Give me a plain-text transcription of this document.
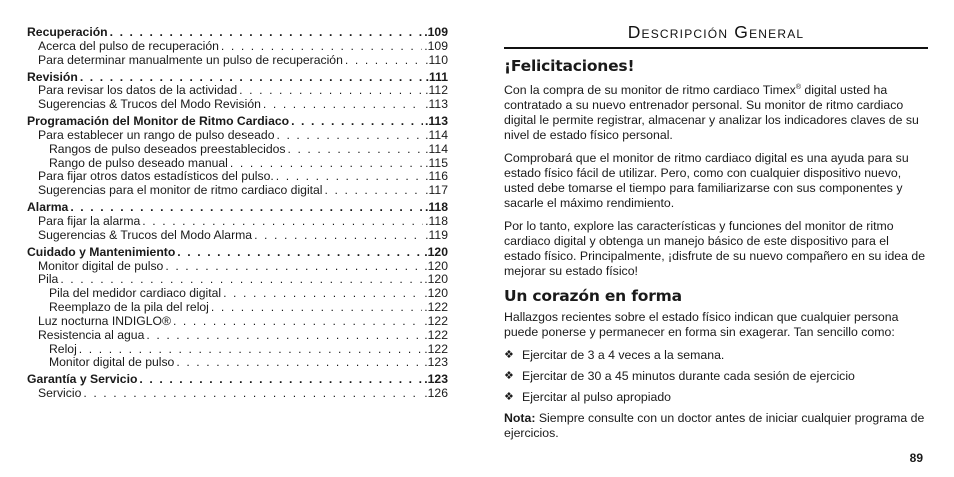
Recuperación . . .	.109
Acerca del pulso de recuperación . . .	.109
Para determinar manualmente un pulso de recuperación . . .	.110
Revisión . . .	.111
Para revisar los datos de la actividad . . .	.112
Sugerencias & Trucos del Modo Revisión . . .	.113
Programación del Monitor de Ritmo Cardiaco . . .	.113
Para establecer un rango de pulso deseado . . .	.114
Rangos de pulso deseados preestablecidos . . .	.114
Rango de pulso deseado manual . . .	.115
Para fijar otros datos estadísticos del pulso. . . .	.116
Sugerencias para el monitor de ritmo cardiaco digital . . .	.117
Alarma . . .	.118
Para fijar la alarma . . .	.118
Sugerencias & Trucos del Modo Alarma . . .	.119
Cuidado y Mantenimiento . . .	.120
Monitor digital de pulso . . .	.120
Pila . . .	.120
Pila del medidor cardiaco digital . . .	.120
Reemplazo de la pila del reloj . . .	.122
Luz nocturna INDIGLO® . . .	.122
Resistencia al agua . . .	.122
Reloj . . .	.122
Monitor digital de pulso . . .	.123
Garantía y Servicio . . .	.123
Servicio . . .	.126
Descripción General
¡Felicitaciones!

Con la compra de su monitor de ritmo cardiaco Timex® digital usted ha contratado a su nuevo entrenador personal. Su monitor de ritmo cardiaco digital le permite registrar, almacenar y analizar los indicadores claves de su nivel de estado físico personal.

Comprobará que el monitor de ritmo cardiaco digital es una ayuda para su estado físico fácil de utilizar. Pero, como con cualquier dispositivo nuevo, usted debe tomarse el tiempo para familiarizarse con sus componentes y sacarle el máximo rendimiento.

Por lo tanto, explore las características y funciones del monitor de ritmo cardiaco digital y obtenga un manejo básico de este dispositivo para el estado físico. Principalmente, ¡disfrute de su nuevo compañero en su idea de mejorar su estado físico!

Un corazón en forma

Hallazgos recientes sobre el estado físico indican que cualquier persona puede ponerse y permanecer en forma sin exagerar. Tan sencillo como:

❖ Ejercitar de 3 a 4 veces a la semana.
❖ Ejercitar de 30 a 45 minutos durante cada sesión de ejercicio
❖ Ejercitar al pulso apropiado

Nota: Siempre consulte con un doctor antes de iniciar cualquier programa de ejercicios.

89
